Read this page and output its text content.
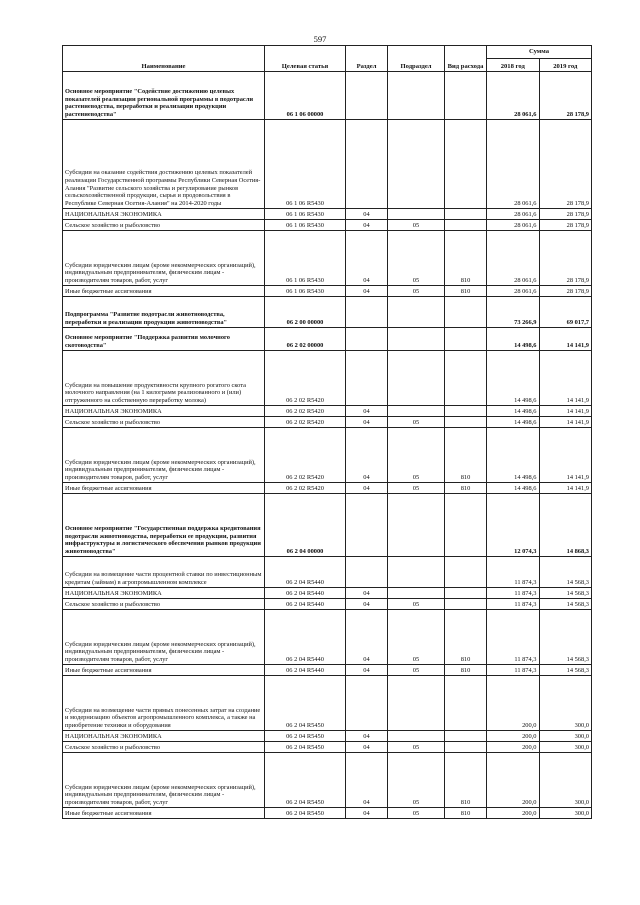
597
Наименование	Целевая статья	Раздел	Подраздел	Вид расхода	Сумма	
					2018 год	2019 год
Основное мероприятие "Содействие достижению целевых показателей реализации региональной программы в подотрасли растениеводства, переработки и реализации продукции растениеводства"	06 1 06 00000				28 061,6	28 178,9
Субсидии на оказание содействия достижению целевых показателей реализации Государственной программы Республики Северная Осетия-Алания "Развитие сельского хозяйства и регулирование рынков сельскохозяйственной продукции, сырья и продовольствия в Республике Северная Осетия-Алания" на 2014-2020 годы	06 1 06 R5430				28 061,6	28 178,9
НАЦИОНАЛЬНАЯ ЭКОНОМИКА	06 1 06 R5430	04			28 061,6	28 178,9
Сельское хозяйство и рыболовство	06 1 06 R5430	04	05		28 061,6	28 178,9
Субсидии юридическим лицам (кроме некоммерческих организаций), индивидуальным предпринимателям, физическим лицам - производителям товаров, работ, услуг	06 1 06 R5430	04	05	810	28 061,6	28 178,9
Иные бюджетные ассигнования	06 1 06 R5430	04	05	810	28 061,6	28 178,9
Подпрограмма "Развитие подотрасли животноводства, переработки и реализации продукции животноводства"	06 2 00 00000				73 266,9	69 017,7
Основное мероприятие "Поддержка развития молочного скотоводства"	06 2 02 00000				14 498,6	14 141,9
Субсидии на повышение продуктивности крупного рогатого скота молочного направления (на 1 килограмм реализованного и (или) отгруженного на собственную переработку молока)	06 2 02 R5420				14 498,6	14 141,9
НАЦИОНАЛЬНАЯ ЭКОНОМИКА	06 2 02 R5420	04			14 498,6	14 141,9
Сельское хозяйство и рыболовство	06 2 02 R5420	04	05		14 498,6	14 141,9
Субсидии юридическим лицам (кроме некоммерческих организаций), индивидуальным предпринимателям, физическим лицам - производителям товаров, работ, услуг	06 2 02 R5420	04	05	810	14 498,6	14 141,9
Иные бюджетные ассигнования	06 2 02 R5420	04	05	810	14 498,6	14 141,9
Основное мероприятие "Государственная поддержка кредитования подотрасли животноводства, переработки ее продукции, развития инфраструктуры и логистического обеспечения рынков продукции животноводства"	06 2 04 00000				12 074,3	14 868,3
Субсидии на возмещение части процентной ставки по инвестиционным кредитам (займам) в агропромышленном комплексе	06 2 04 R5440				11 874,3	14 568,3
НАЦИОНАЛЬНАЯ ЭКОНОМИКА	06 2 04 R5440	04			11 874,3	14 568,3
Сельское хозяйство и рыболовство	06 2 04 R5440	04	05		11 874,3	14 568,3
Субсидии юридическим лицам (кроме некоммерческих организаций), индивидуальным предпринимателям, физическим лицам - производителям товаров, работ, услуг	06 2 04 R5440	04	05	810	11 874,3	14 568,3
Иные бюджетные ассигнования	06 2 04 R5440	04	05	810	11 874,3	14 568,3
Субсидии на возмещение части прямых понесенных затрат на создание и модернизацию объектов агропромышленного комплекса, а также на приобретение техники и оборудования	06 2 04 R5450				200,0	300,0
НАЦИОНАЛЬНАЯ ЭКОНОМИКА	06 2 04 R5450	04			200,0	300,0
Сельское хозяйство и рыболовство	06 2 04 R5450	04	05		200,0	300,0
Субсидии юридическим лицам (кроме некоммерческих организаций), индивидуальным предпринимателям, физическим лицам - производителям товаров, работ, услуг	06 2 04 R5450	04	05	810	200,0	300,0
Иные бюджетные ассигнования	06 2 04 R5450	04	05	810	200,0	300,0
